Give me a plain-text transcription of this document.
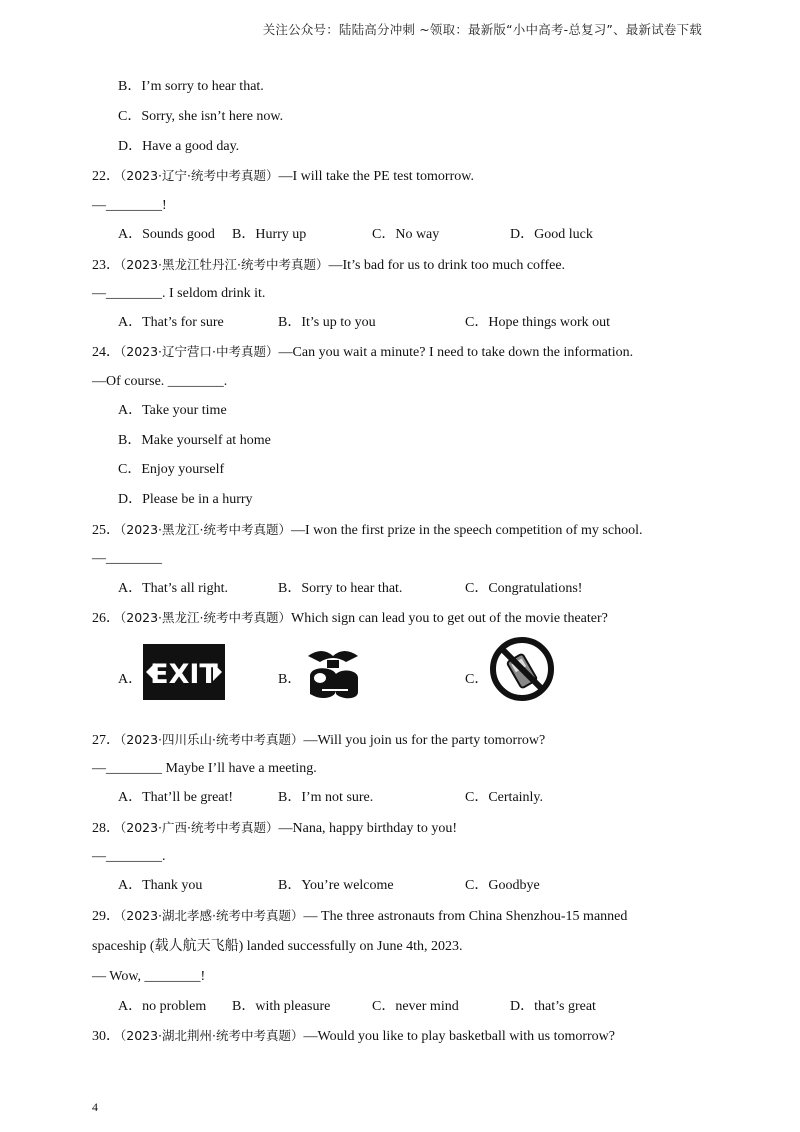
关注公众号：陆陆高分冲刺 ~领取：最新版“小中高考-总复习”、最新试卷下载
B．I’m sorry to hear that.
C．Sorry, she isn’t here now.
D．Have a good day.
22．（2023·辽宁·统考中考真题）—I will take the PE test tomorrow.
—________!
A．Sounds good B．Hurry up	C．No way	D．Good luck
23．（2023·黑龙江牡丹江·统考中考真题）—It’s bad for us to drink too much coffee.
—________. I seldom drink it.
A．That’s for sure	B．It’s up to you	C．Hope things work out
24．（2023·辽宁营口·中考真题）—Can you wait a minute? I need to take down the information.
—Of course. ________.
A．Take your time
B．Make yourself at home
C．Enjoy yourself
D．Please be in a hurry
25．（2023·黑龙江·统考中考真题）—I won the first prize in the speech competition of my school.
—________
A．That’s all right.	B．Sorry to hear that.	C．Congratulations!
26．（2023·黑龙江·统考中考真题）Which sign can lead you to get out of the movie theater?
A． EXIT	B．	C．
27．（2023·四川乐山·统考中考真题）—Will you join us for the party tomorrow?
—________ Maybe I’ll have a meeting.
A．That’ll be great!	B．I’m not sure.	C．Certainly.
28．（2023·广西·统考中考真题）—Nana, happy birthday to you!
—________.
A．Thank you	B．You’re welcome	C．Goodbye
29．（2023·湖北孝感·统考中考真题）— The three astronauts from China Shenzhou-15 manned
spaceship (载人航天飞船) landed successfully on June 4th, 2023.
— Wow, ________!
A．no problem B．with pleasure	C．never mind	D．that’s great
30．（2023·湖北荆州·统考中考真题）—Would you like to play basketball with us tomorrow?
4
